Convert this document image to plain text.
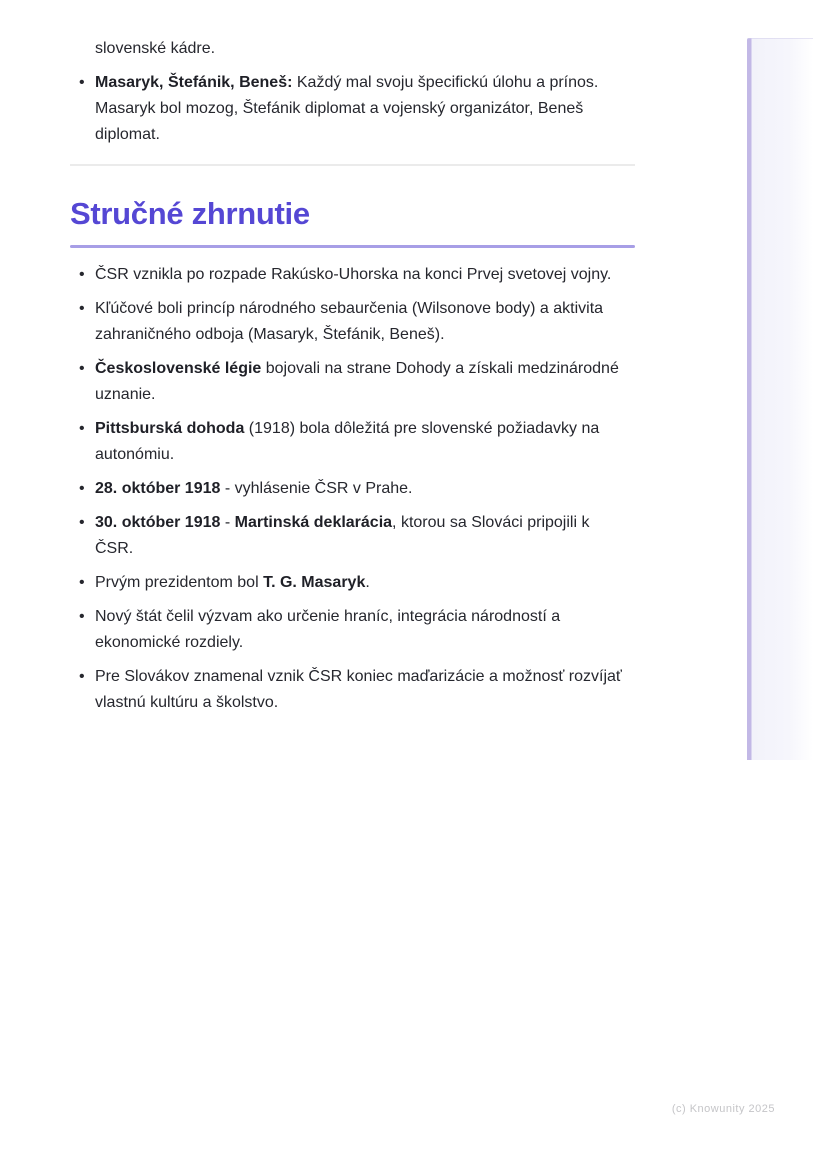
slovenské kádre.

• Masaryk, Štefánik, Beneš: Každý mal svoju špecifickú úlohu a prínos. Masaryk bol mozog, Štefánik diplomat a vojenský organizátor, Beneš diplomat.
Stručné zhrnutie
• ČSR vznikla po rozpade Rakúsko-Uhorska na konci Prvej svetovej vojny.
• Kľúčové boli princíp národného sebaurčenia (Wilsonove body) a aktivita zahraničného odboja (Masaryk, Štefánik, Beneš).
• Československé légie bojovali na strane Dohody a získali medzinárodné uznanie.
• Pittsburská dohoda (1918) bola dôležitá pre slovenské požiadavky na autonómiu.
• 28. október 1918 - vyhlásenie ČSR v Prahe.
• 30. október 1918 - Martinská deklarácia, ktorou sa Slováci pripojili k ČSR.
• Prvým prezidentom bol T. G. Masaryk.
• Nový štát čelil výzvam ako určenie hraníc, integrácia národností a ekonomické rozdiely.
• Pre Slovákov znamenal vznik ČSR koniec maďarizácie a možnosť rozvíjať vlastnú kultúru a školstvo.
(c) Knowunity 2025
